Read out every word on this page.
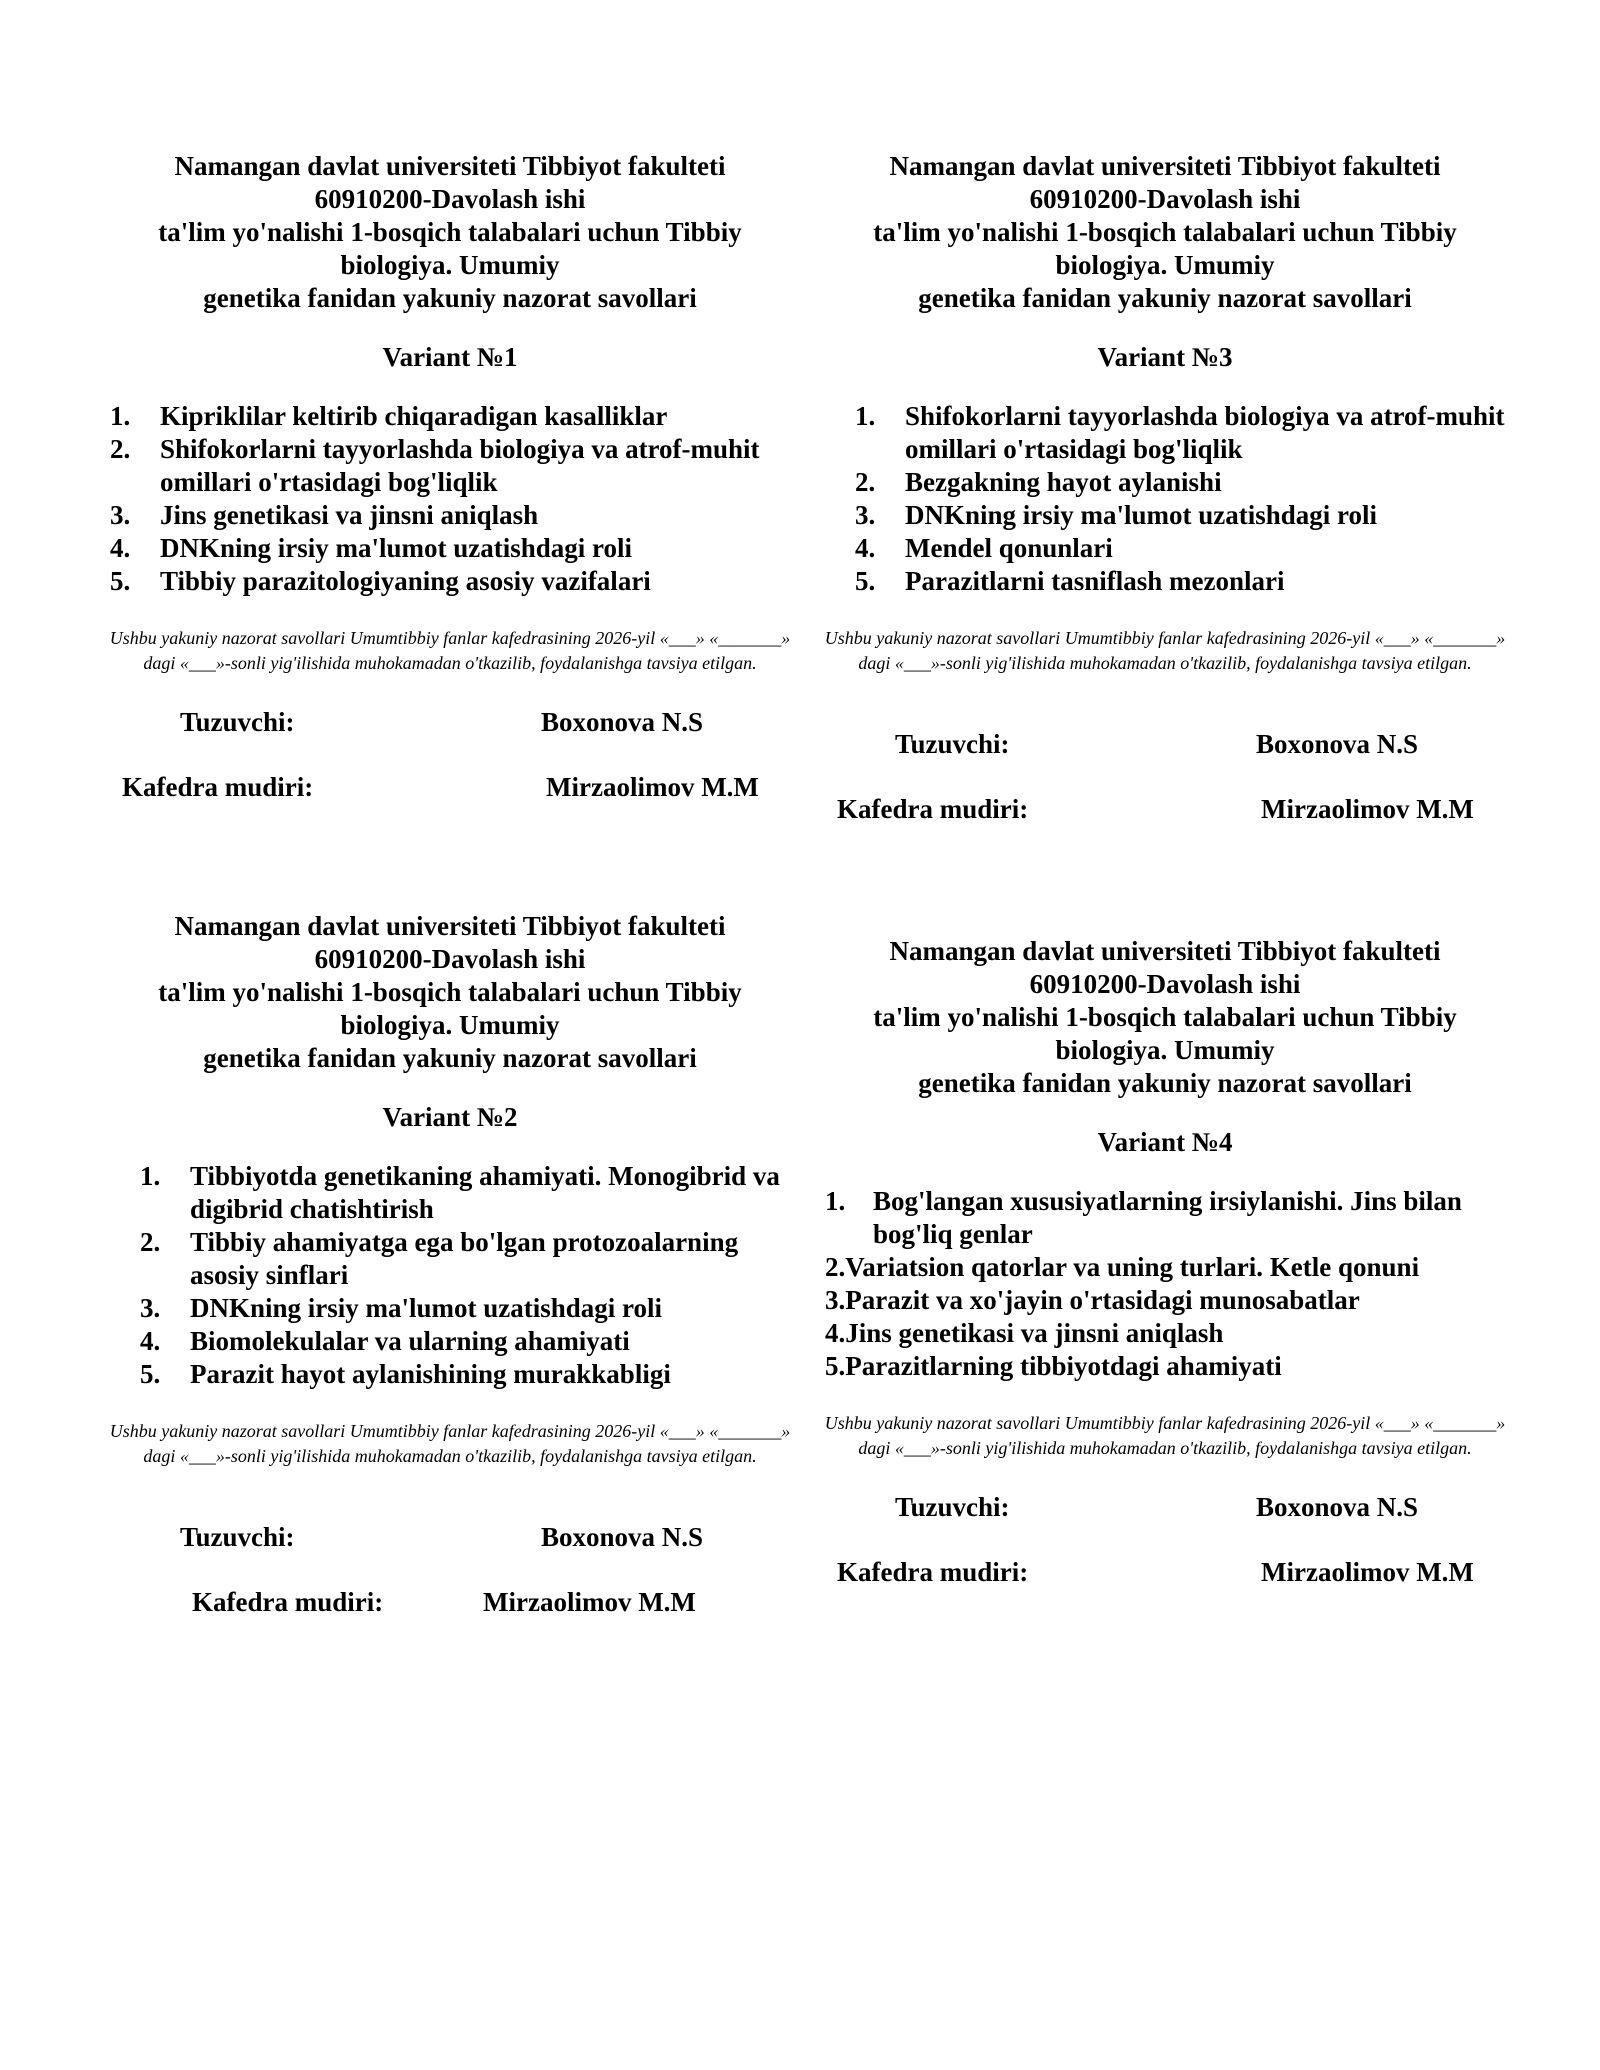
Namangan davlat universiteti Tibbiyot fakulteti
60910200-Davolash ishi
ta'lim yo'nalishi 1-bosqich talabalari uchun Tibbiy
biologiya. Umumiy
genetika fanidan yakuniy nazorat savollari
Variant №1
1.	Kipriklilar keltirib chiqaradigan kasalliklar
2.	Shifokorlarni tayyorlashda biologiya va atrof-muhit omillari o'rtasidagi bog'liqlik
3.	Jins genetikasi va jinsni aniqlash
4.	DNKning irsiy ma'lumot uzatishdagi roli
5.	Tibbiy parazitologiyaning asosiy vazifalari
Ushbu yakuniy nazorat savollari Umumtibbiy fanlar kafedrasining 2026-yil «___» «_______» dagi «___»-sonli yig'ilishida muhokamadan o'tkazilib, foydalanishga tavsiya etilgan.
Tuzuvchi:	Boxonova N.S
Kafedra mudiri:	Mirzaolimov M.M
Namangan davlat universiteti Tibbiyot fakulteti
60910200-Davolash ishi
ta'lim yo'nalishi 1-bosqich talabalari uchun Tibbiy
biologiya. Umumiy
genetika fanidan yakuniy nazorat savollari
Variant №3
1.	Shifokorlarni tayyorlashda biologiya va atrof-muhit omillari o'rtasidagi bog'liqlik
2.	Bezgakning hayot aylanishi
3.	DNKning irsiy ma'lumot uzatishdagi roli
4.	Mendel qonunlari
5.	Parazitlarni tasniflash mezonlari
Ushbu yakuniy nazorat savollari Umumtibbiy fanlar kafedrasining 2026-yil «___» «_______» dagi «___»-sonli yig'ilishida muhokamadan o'tkazilib, foydalanishga tavsiya etilgan.
Tuzuvchi:	Boxonova N.S
Kafedra mudiri:	Mirzaolimov M.M
Namangan davlat universiteti Tibbiyot fakulteti
60910200-Davolash ishi
ta'lim yo'nalishi 1-bosqich talabalari uchun Tibbiy
biologiya. Umumiy
genetika fanidan yakuniy nazorat savollari
Variant №2
1.	Tibbiyotda genetikaning ahamiyati. Monogibrid va digibrid chatishtirish
2.	Tibbiy ahamiyatga ega bo'lgan protozoalarning asosiy sinflari
3.	DNKning irsiy ma'lumot uzatishdagi roli
4.	Biomolekulalar va ularning ahamiyati
5.	Parazit hayot aylanishining murakkabligi
Ushbu yakuniy nazorat savollari Umumtibbiy fanlar kafedrasining 2026-yil «___» «_______» dagi «___»-sonli yig'ilishida muhokamadan o'tkazilib, foydalanishga tavsiya etilgan.
Tuzuvchi:	Boxonova N.S
Kafedra mudiri:	Mirzaolimov M.M
Namangan davlat universiteti Tibbiyot fakulteti
60910200-Davolash ishi
ta'lim yo'nalishi 1-bosqich talabalari uchun Tibbiy
biologiya. Umumiy
genetika fanidan yakuniy nazorat savollari
Variant №4
1.	Bog'langan xususiyatlarning irsiylanishi. Jins bilan bog'liq genlar
2.Variatsion qatorlar va uning turlari. Ketle qonuni
3.Parazit va xo'jayin o'rtasidagi munosabatlar
4.Jins genetikasi va jinsni aniqlash
5.Parazitlarning tibbiyotdagi ahamiyati
Ushbu yakuniy nazorat savollari Umumtibbiy fanlar kafedrasining 2026-yil «___» «_______» dagi «___»-sonli yig'ilishida muhokamadan o'tkazilib, foydalanishga tavsiya etilgan.
Tuzuvchi:	Boxonova N.S
Kafedra mudiri:	Mirzaolimov M.M
